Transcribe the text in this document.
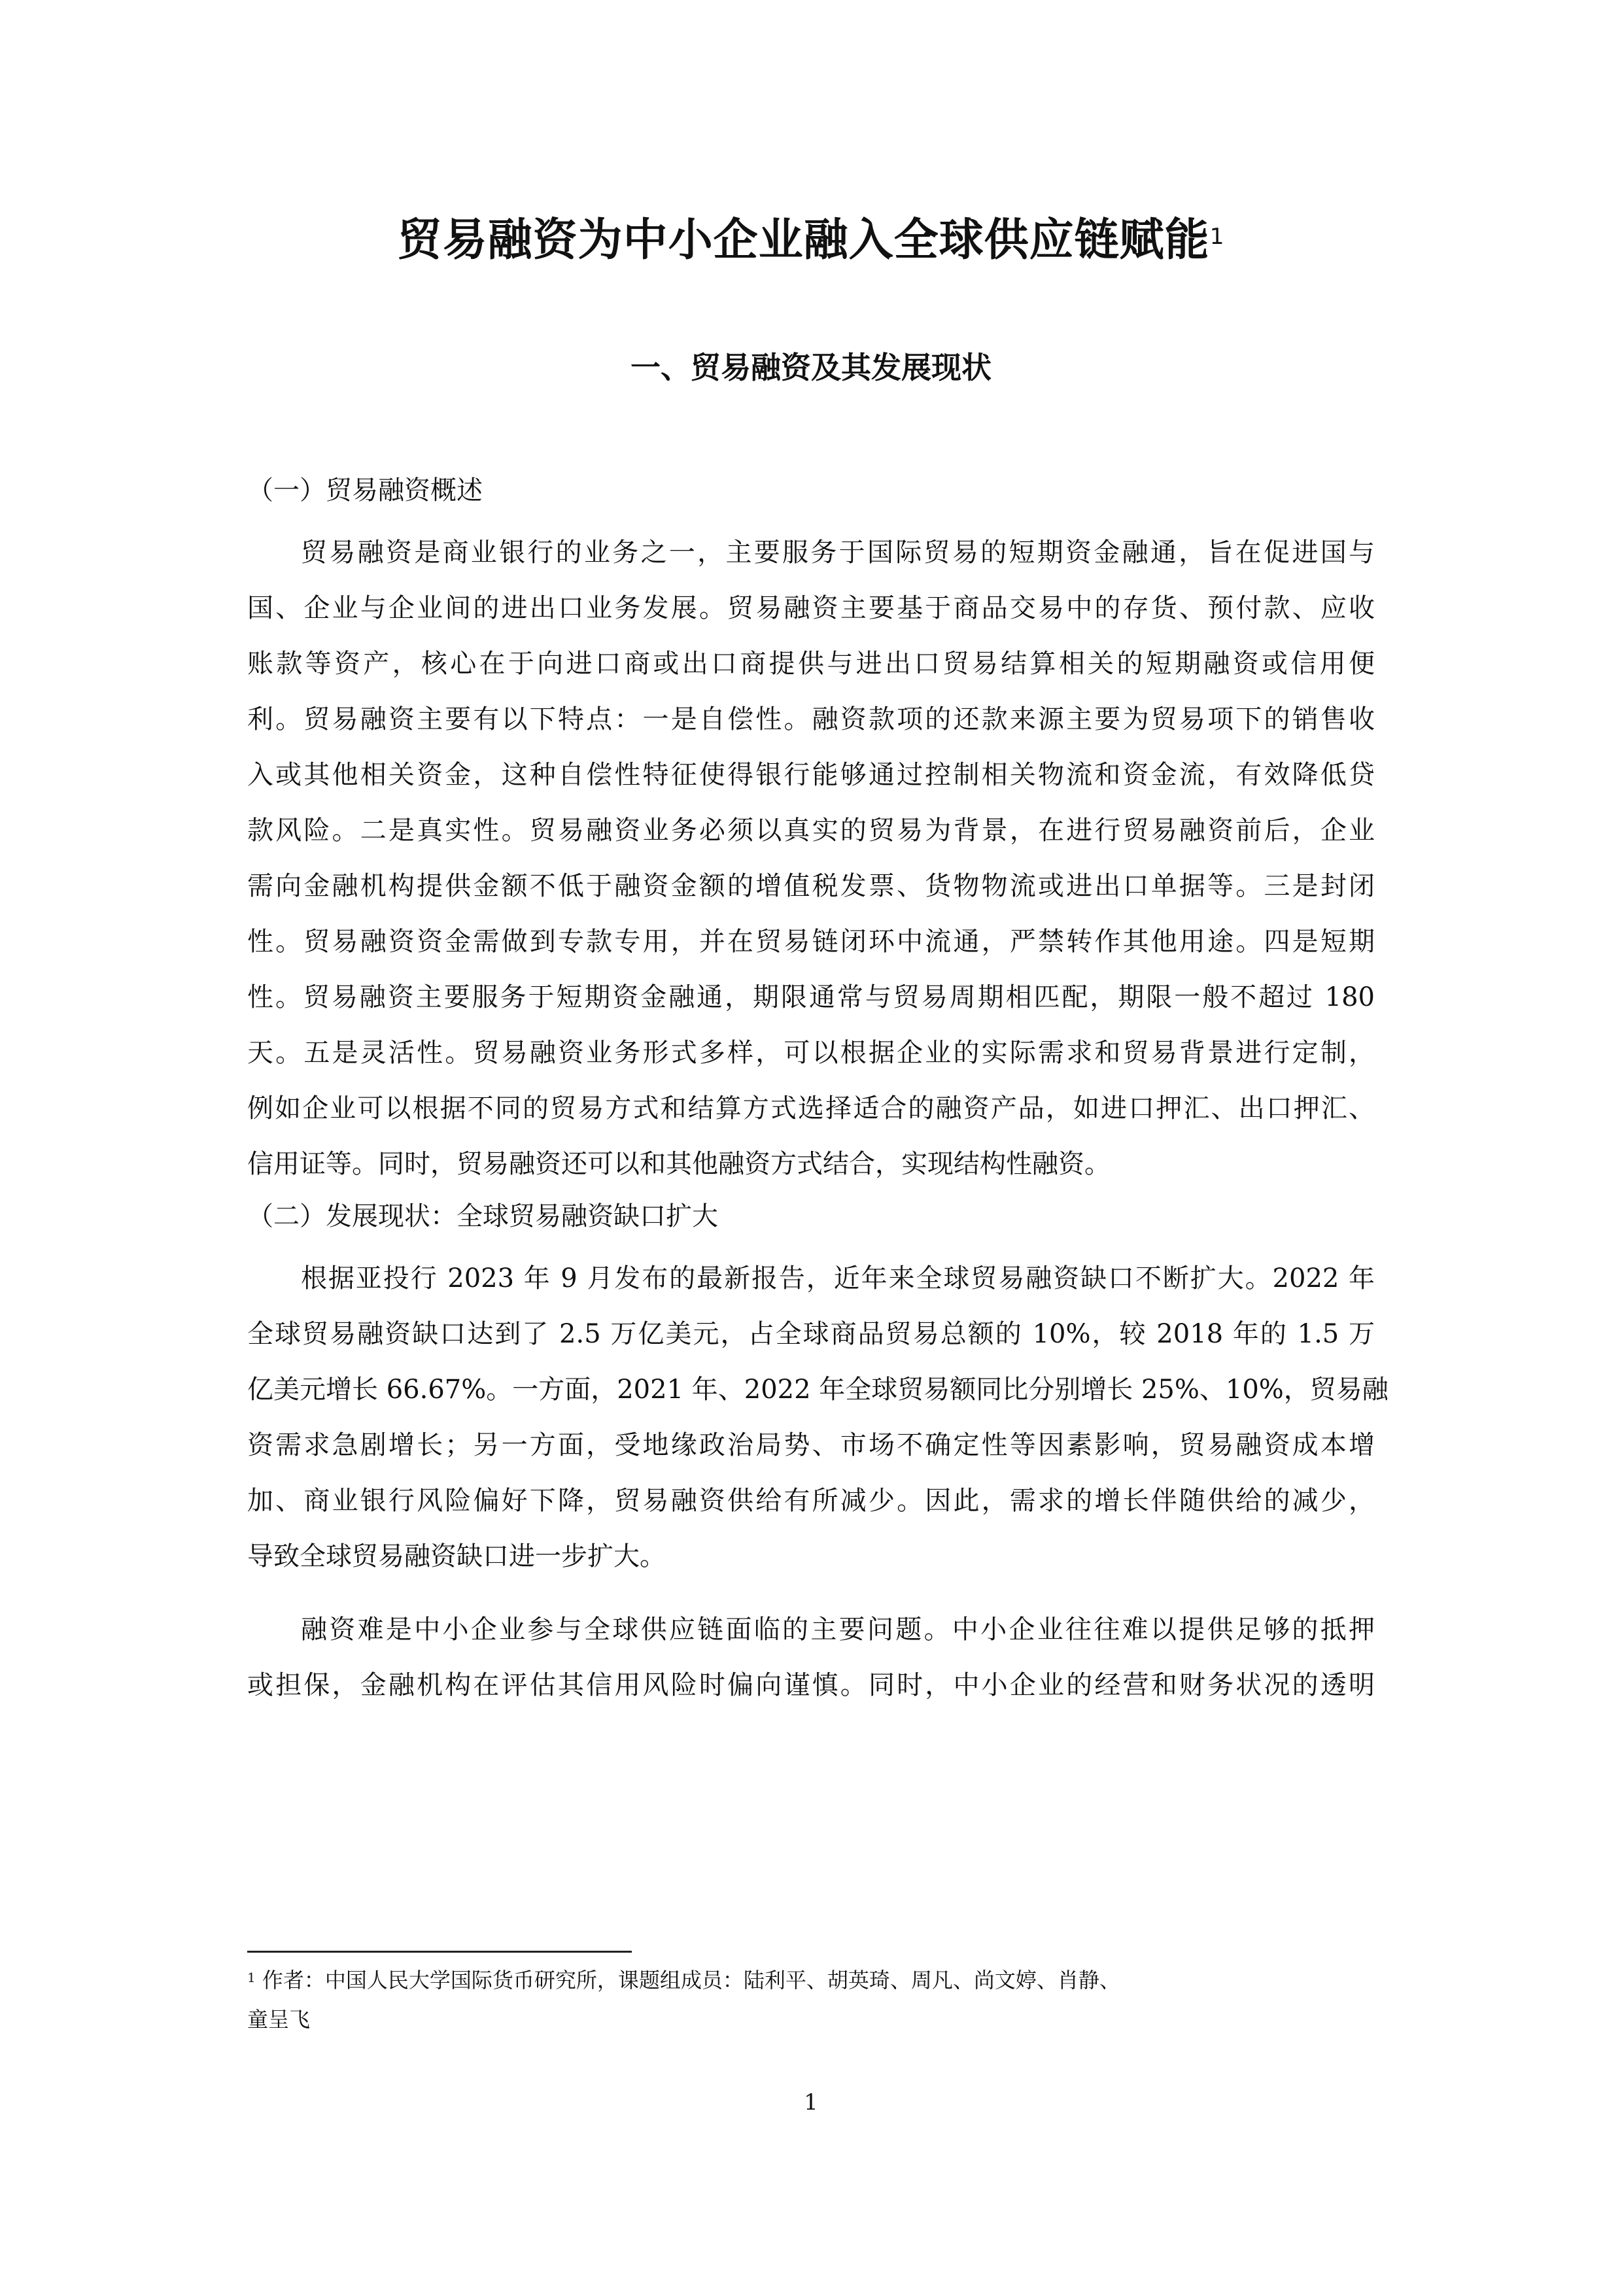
贸易融资为中小企业融入全球供应链赋能$^1$
一、贸易融资及其发展现状
（一）贸易融资概述
贸易融资是商业银行的业务之一，主要服务于国际贸易的短期资金融通，旨在促进国与
国、企业与企业间的进出口业务发展。贸易融资主要基于商品交易中的存货、预付款、应收
账款等资产，核心在于向进口商或出口商提供与进出口贸易结算相关的短期融资或信用便
利。贸易融资主要有以下特点：一是自偿性。融资款项的还款来源主要为贸易项下的销售收
入或其他相关资金，这种自偿性特征使得银行能够通过控制相关物流和资金流，有效降低贷
款风险。二是真实性。贸易融资业务必须以真实的贸易为背景，在进行贸易融资前后，企业
需向金融机构提供金额不低于融资金额的增值税发票、货物物流或进出口单据等。三是封闭
性。贸易融资资金需做到专款专用，并在贸易链闭环中流通，严禁转作其他用途。四是短期
性。贸易融资主要服务于短期资金融通，期限通常与贸易周期相匹配，期限一般不超过 180
天。五是灵活性。贸易融资业务形式多样，可以根据企业的实际需求和贸易背景进行定制，
例如企业可以根据不同的贸易方式和结算方式选择适合的融资产品，如进口押汇、出口押汇、
信用证等。同时，贸易融资还可以和其他融资方式结合，实现结构性融资。
（二）发展现状：全球贸易融资缺口扩大
根据亚投行 2023 年 9 月发布的最新报告，近年来全球贸易融资缺口不断扩大。2022 年
全球贸易融资缺口达到了 2.5 万亿美元，占全球商品贸易总额的 10%，较 2018 年的 1.5 万
亿美元增长 66.67%。一方面，2021 年、2022 年全球贸易额同比分别增长 25%、10%，贸易融
资需求急剧增长；另一方面，受地缘政治局势、市场不确定性等因素影响，贸易融资成本增
加、商业银行风险偏好下降，贸易融资供给有所减少。因此，需求的增长伴随供给的减少，
导致全球贸易融资缺口进一步扩大。
融资难是中小企业参与全球供应链面临的主要问题。中小企业往往难以提供足够的抵押
或担保，金融机构在评估其信用风险时偏向谨慎。同时，中小企业的经营和财务状况的透明
$^1$ 作者：中国人民大学国际货币研究所，课题组成员：陆利平、胡英琦、周凡、尚文婷、肖静、
童呈飞
1
